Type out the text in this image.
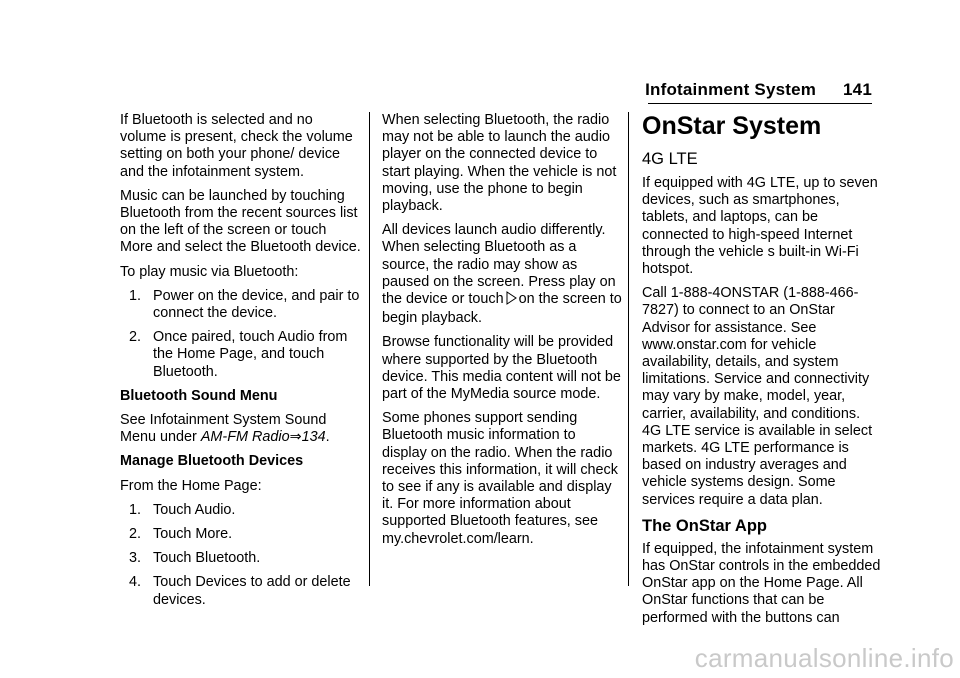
Infotainment System 141

If Bluetooth is selected and no volume is present, check the volume setting on both your phone/ device and the infotainment system.

Music can be launched by touching Bluetooth from the recent sources list on the left of the screen or touch More and select the Bluetooth device.

To play music via Bluetooth:

1. Power on the device, and pair to connect the device.
2. Once paired, touch Audio from the Home Page, and touch Bluetooth.

Bluetooth Sound Menu

See Infotainment System Sound Menu under AM-FM Radio⇒134.

Manage Bluetooth Devices

From the Home Page:

1. Touch Audio.
2. Touch More.
3. Touch Bluetooth.
4. Touch Devices to add or delete devices.

When selecting Bluetooth, the radio may not be able to launch the audio player on the connected device to start playing. When the vehicle is not moving, use the phone to begin playback.

All devices launch audio differently. When selecting Bluetooth as a source, the radio may show as paused on the screen. Press play on the device or touch on the screen to begin playback.

Browse functionality will be provided where supported by the Bluetooth device. This media content will not be part of the MyMedia source mode.

Some phones support sending Bluetooth music information to display on the radio. When the radio receives this information, it will check to see if any is available and display it. For more information about supported Bluetooth features, see my.chevrolet.com/learn.

OnStar System
4G LTE

If equipped with 4G LTE, up to seven devices, such as smartphones, tablets, and laptops, can be connected to high-speed Internet through the vehicle s built-in Wi-Fi hotspot.

Call 1-888-4ONSTAR (1-888-466-7827) to connect to an OnStar Advisor for assistance. See www.onstar.com for vehicle availability, details, and system limitations. Service and connectivity may vary by make, model, year, carrier, availability, and conditions. 4G LTE service is available in select markets. 4G LTE performance is based on industry averages and vehicle systems design. Some services require a data plan.

The OnStar App

If equipped, the infotainment system has OnStar controls in the embedded OnStar app on the Home Page. All OnStar functions that can be performed with the buttons can

carmanualsonline.info
